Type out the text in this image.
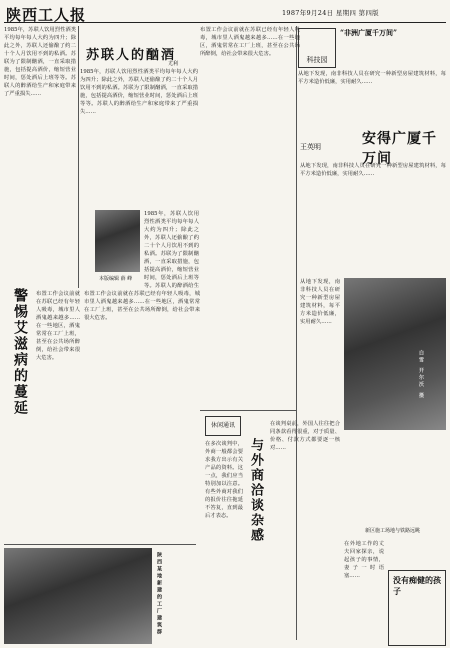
陕西工人报	1987年9月24日 星期四 第四版
1985年，苏联人饮用烈性酒类平均每年每人大约为四升；除此之外，苏联人还偷酿了约二十个人月饮用不到的私酒。苏联为了限制酗酒，一直采取措施，包括提高酒价，缩短营业时间，惩处酒后上班等等。苏联人的醉酒给生产和家庭带来了严重损失……
苏联人的酗酒
尤利
1985年，苏联人饮用烈性酒类平均每年每人大约为四升；除此之外，苏联人还偷酿了约二十个人月饮用不到的私酒。苏联为了限制酗酒，一直采取措施，包括提高酒价，缩短营业时间，惩处酒后上班等等。苏联人的醉酒给生产和家庭带来了严重损失……
本版编辑 薛 峰
1985年，苏联人饮用烈性酒类平均每年每人大约为四升；除此之外，苏联人还偷酿了约二十个人月饮用不到的私酒。苏联为了限制酗酒，一直采取措施，包括提高酒价，缩短营业时间，惩处酒后上班等等。苏联人的醉酒给生
警惕艾滋病的蔓延	布置工作会议前就在苏联已经有年轻人吸毒，城市里人酒鬼越来越多……在一些地区，酒鬼常常在工厂上班，甚至在公共场所醉倒，给社会带来很大危害。
布置工作会议前就在苏联已经有年轻人吸毒，城市里人酒鬼越来越多……在一些地区，酒鬼常常在工厂上班，甚至在公共场所醉倒，给社会带来很大危害。
布置工作会议前就在苏联已经有年轻人吸毒，城市里人酒鬼越来越多……在一些地区，酒鬼常常在工厂上班，甚至在公共场所醉倒，给社会带来很大危害。
科技园
“非洲广厦千万间”
从地下发现，南非科技人员在研究一种新型房屋建筑材料，每平方米造价低廉，实用耐久……
王英明	安得广厦千万间
从地下发现，南非科技人员在研究一种新型房屋建筑材料，每平方米造价低廉，实用耐久……
白雪 开尔沃 摄
从地下发现，南非科技人员在研究一种新型房屋建筑材料，每平方米造价低廉，实用耐久……
休闲通讯
与外商洽谈杂感
在多次谈判中，外商一般都会要求我方出示有关产品的资料。这一点，我们应当特别加以注意。有些外商对我们的报价往往拖延不答复，直到最后才表态。
在谈判桌前，外国人往往把合同条款看得很重，对于质量、价格、付款方式都要逐一核对……
陕西某地新建的工厂建筑群
新区施工场地与铁路远眺
没有痴健的孩子
在外地工作的丈夫回家探亲，说起孩子的事情，妻子一时语塞……
